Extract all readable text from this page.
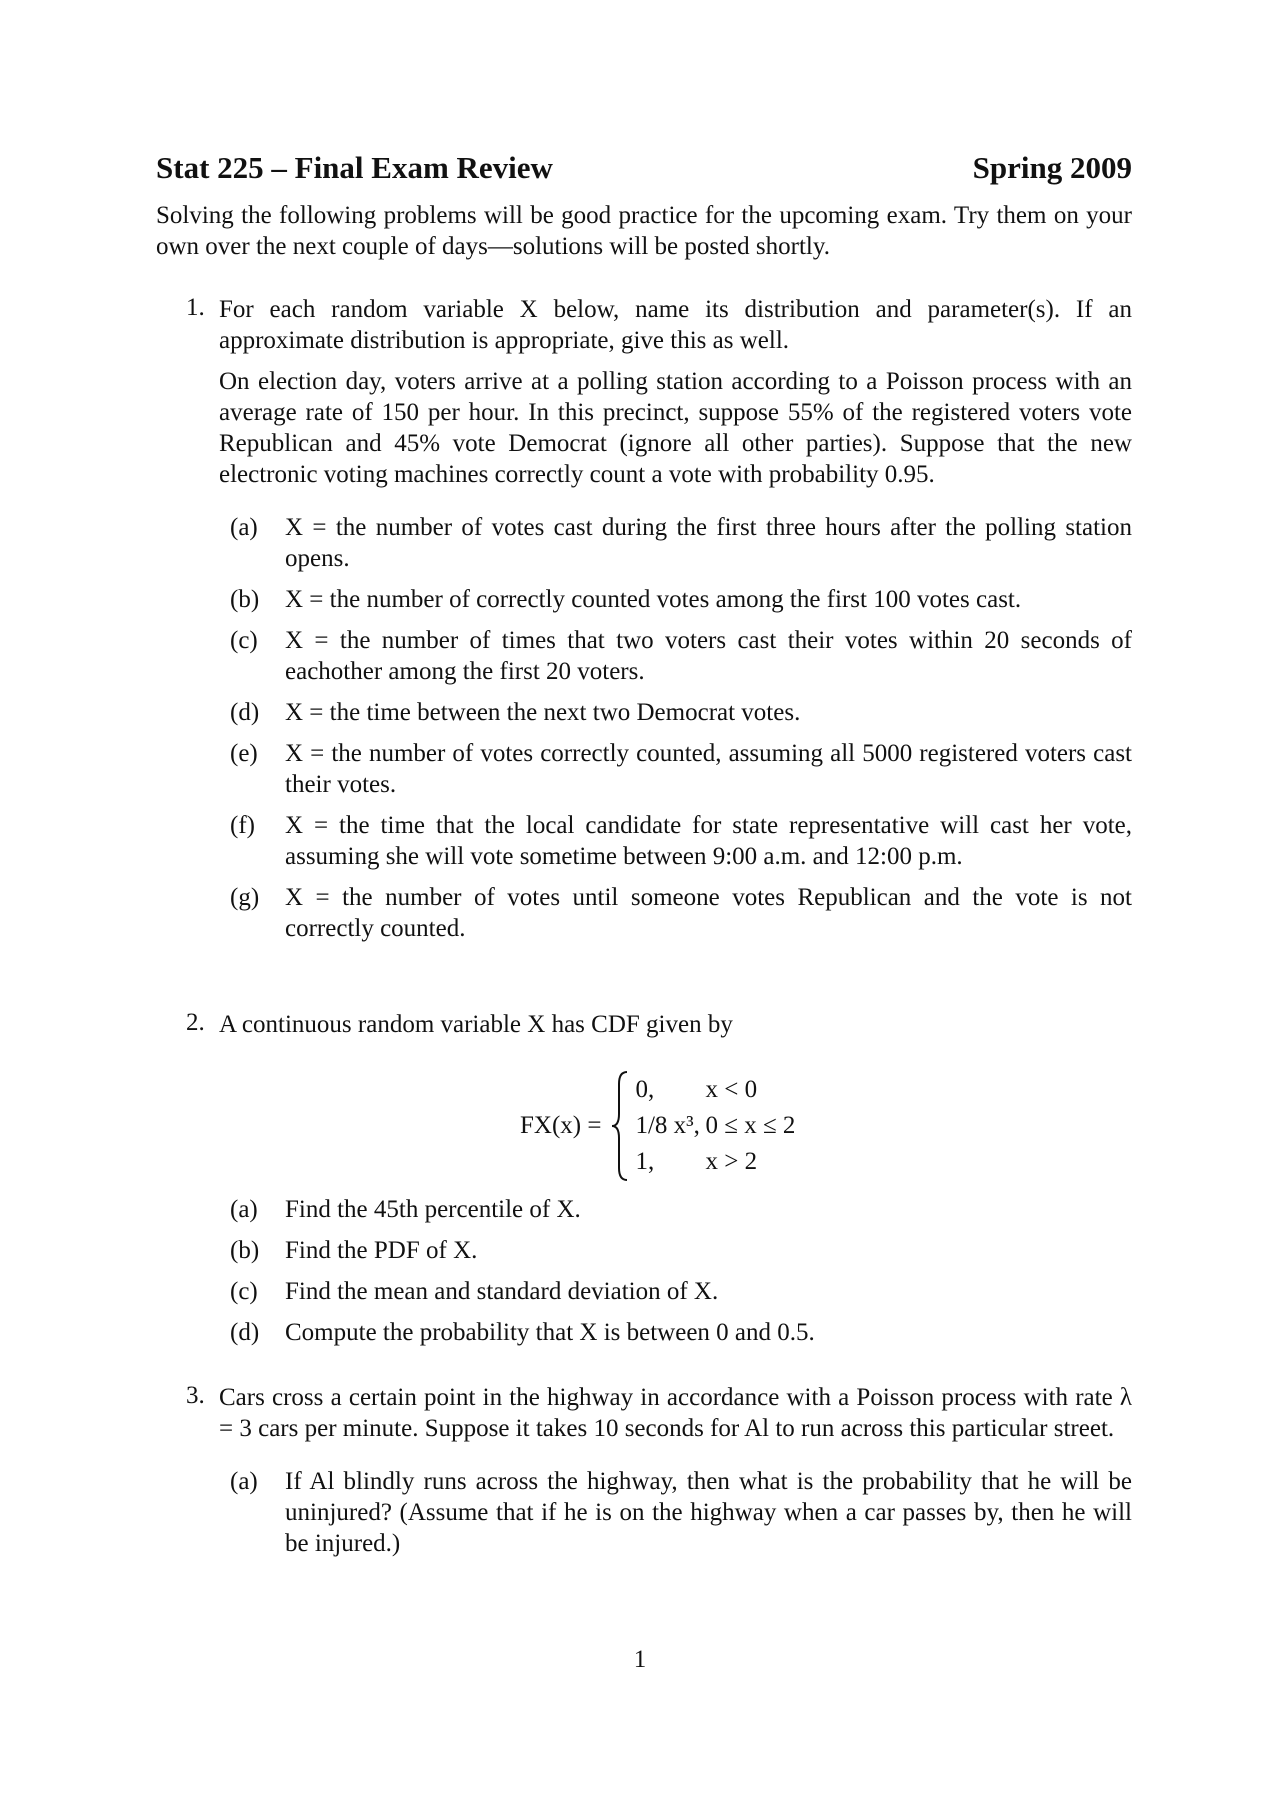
Stat 225 – Final Exam Review	Spring 2009
Solving the following problems will be good practice for the upcoming exam. Try them on your own over the next couple of days—solutions will be posted shortly.
1. For each random variable X below, name its distribution and parameter(s). If an approximate distribution is appropriate, give this as well.
On election day, voters arrive at a polling station according to a Poisson process with an average rate of 150 per hour. In this precinct, suppose 55% of the registered voters vote Republican and 45% vote Democrat (ignore all other parties). Suppose that the new electronic voting machines correctly count a vote with probability 0.95.
(a) X = the number of votes cast during the first three hours after the polling station opens.
(b) X = the number of correctly counted votes among the first 100 votes cast.
(c) X = the number of times that two voters cast their votes within 20 seconds of eachother among the first 20 voters.
(d) X = the time between the next two Democrat votes.
(e) X = the number of votes correctly counted, assuming all 5000 registered voters cast their votes.
(f) X = the time that the local candidate for state representative will cast her vote, assuming she will vote sometime between 9:00 a.m. and 12:00 p.m.
(g) X = the number of votes until someone votes Republican and the vote is not correctly counted.
2. A continuous random variable X has CDF given by
FX(x) =
0,	x < 0
1/8 x³, 0 ≤ x ≤ 2
1,	x > 2
(a) Find the 45th percentile of X.
(b) Find the PDF of X.
(c) Find the mean and standard deviation of X.
(d) Compute the probability that X is between 0 and 0.5.
3. Cars cross a certain point in the highway in accordance with a Poisson process with rate λ = 3 cars per minute. Suppose it takes 10 seconds for Al to run across this particular street.
(a) If Al blindly runs across the highway, then what is the probability that he will be uninjured? (Assume that if he is on the highway when a car passes by, then he will be injured.)
1
